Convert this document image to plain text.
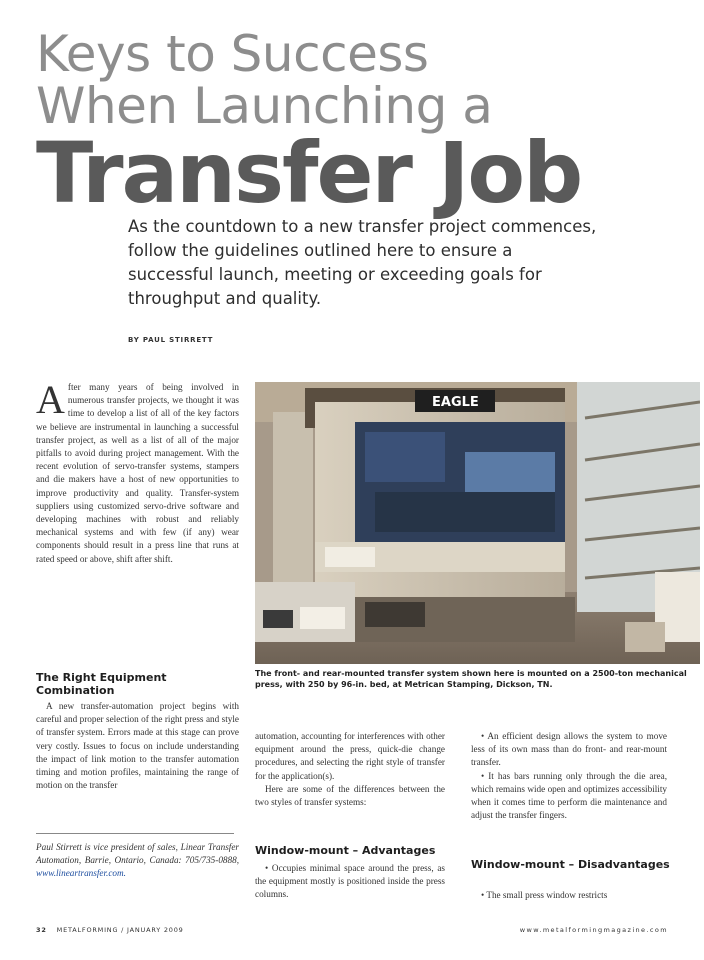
Keys to Success
When Launching a
Transfer Job

As the countdown to a new transfer project commences, follow the guidelines outlined here to ensure a successful launch, meeting or exceeding goals for throughput and quality.

BY PAUL STIRRETT
A fter many years of being involved in numerous transfer projects, we thought it was time to develop a list of all of the key factors we believe are instrumental in launching a successful transfer project, as well as a list of all of the major pitfalls to avoid during project management. With the recent evolution of servo-transfer systems, stampers and die makers have a host of new opportunities to improve productivity and quality. Transfer-system suppliers using customized servo-drive software and developing machines with robust and reliably mechanical systems and with few (if any) wear components should result in a press line that runs at rated speed or above, shift after shift.

The Right Equipment Combination

A new transfer-automation project begins with careful and proper selection of the right press and style of transfer system. Errors made at this stage can prove very costly. Issues to focus on include understanding the impact of link motion to the transfer automation timing and motion profiles, maintaining the range of motion on the transfer

Paul Stirrett is vice president of sales, Linear Transfer Automation, Barrie, Ontario, Canada: 705/735-0888, www.lineartransfer.com.

EAGLE

The front- and rear-mounted transfer system shown here is mounted on a 2500-ton mechanical press, with 250 by 96-in. bed, at Metrican Stamping, Dickson, TN.

automation, accounting for interferences with other equipment around the press, quick-die change procedures, and selecting the right style of transfer for the application(s).

Here are some of the differences between the two styles of transfer systems:

Window-mount – Advantages

• Occupies minimal space around the press, as the equipment mostly is positioned inside the press columns.

• An efficient design allows the system to move less of its own mass than do front- and rear-mount transfer.

• It has bars running only through the die area, which remains wide open and optimizes accessibility when it comes time to perform die maintenance and adjust the transfer fingers.

Window-mount – Disadvantages

• The small press window restricts

32 METALFORMING / JANUARY 2009	www.metalformingmagazine.com
